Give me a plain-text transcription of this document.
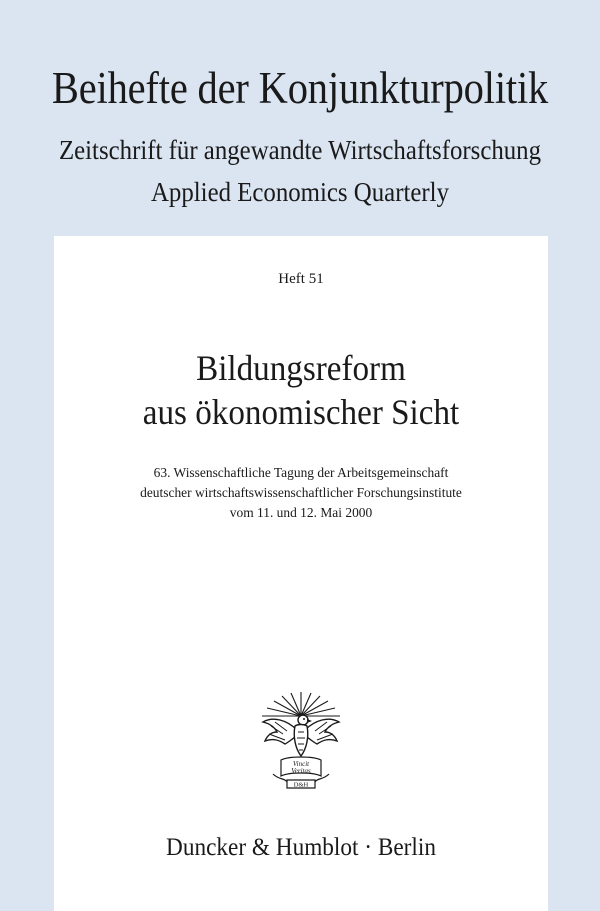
Beihefte der Konjunkturpolitik
Zeitschrift für angewandte Wirtschaftsforschung
Applied Economics Quarterly
Heft 51
Bildungsreform
aus ökonomischer Sicht
63. Wissenschaftliche Tagung der Arbeitsgemeinschaft
deutscher wirtschaftswissenschaftlicher Forschungsinstitute
vom 11. und 12. Mai 2000
Vincit
Veritas
D&H
Duncker & Humblot · Berlin
